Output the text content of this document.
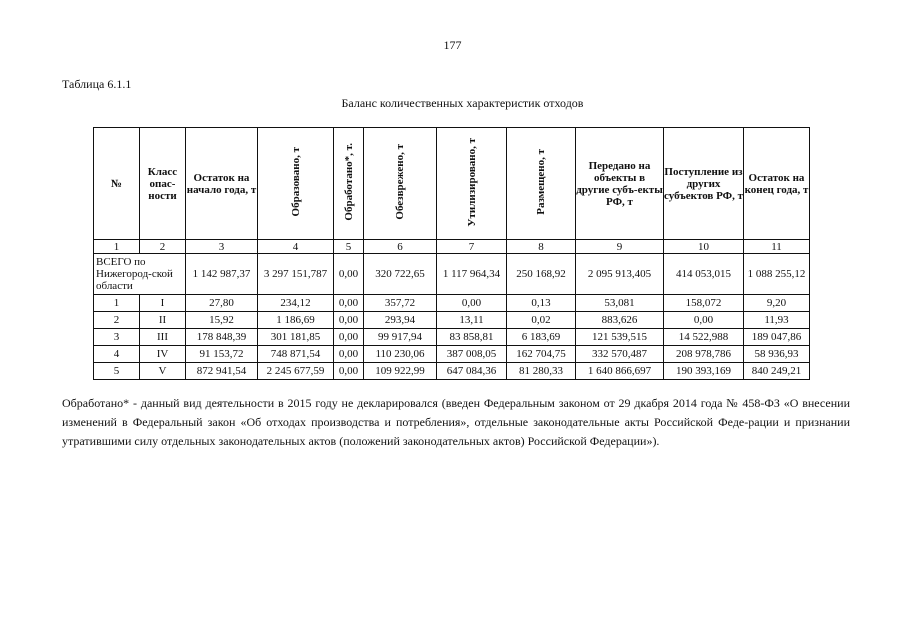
177
Таблица 6.1.1
Баланс количественных характеристик отходов
№	Класс опас-ности	Остаток на начало года, т	Образовано, т	Обработано*, т.	Обезврежено, т	Утилизировано, т	Размещено, т	Передано на объекты в другие субъ-екты РФ, т	Поступление из других субъектов РФ, т	Остаток на конец года, т
1	2	3	4	5	6	7	8	9	10	11
ВСЕГО по Нижегород-ской области		1 142 987,37	3 297 151,787	0,00	320 722,65	1 117 964,34	250 168,92	2 095 913,405	414 053,015	1 088 255,12
1	I	27,80	234,12	0,00	357,72	0,00	0,13	53,081	158,072	9,20
2	II	15,92	1 186,69	0,00	293,94	13,11	0,02	883,626	0,00	11,93
3	III	178 848,39	301 181,85	0,00	99 917,94	83 858,81	6 183,69	121 539,515	14 522,988	189 047,86
4	IV	91 153,72	748 871,54	0,00	110 230,06	387 008,05	162 704,75	332 570,487	208 978,786	58 936,93
5	V	872 941,54	2 245 677,59	0,00	109 922,99	647 084,36	81 280,33	1 640 866,697	190 393,169	840 249,21
Обработано* - данный вид деятельности в 2015 году не декларировался (введен Федеральным законом от 29 дкабря 2014 года № 458-ФЗ «О внесении изменений в Федеральный закон «Об отходах производства и потребления», отдельные законодательные акты Российской Феде-рации и признании утратившими силу отдельных законодательных актов (положений законодательных актов) Российской Федерации»).
